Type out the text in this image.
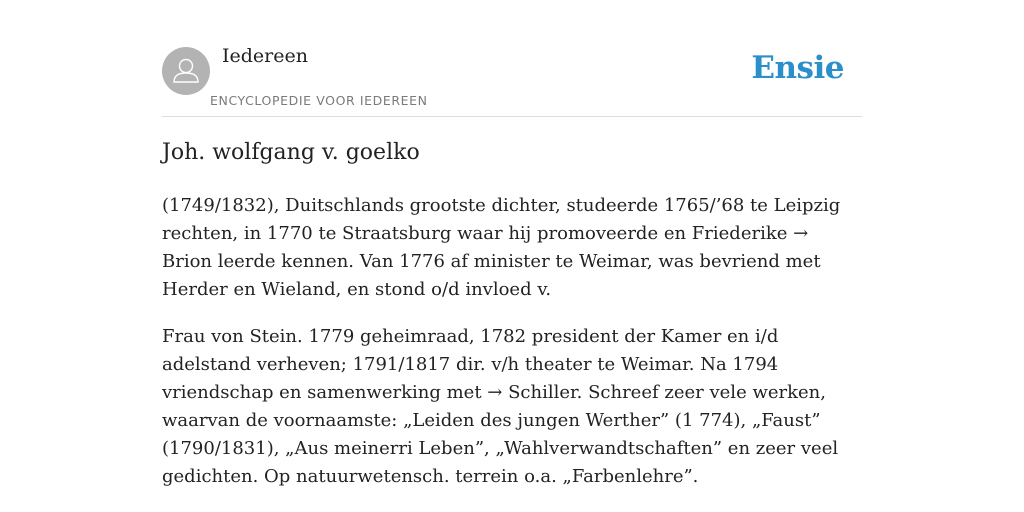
Iedereen
ENCYCLOPEDIE VOOR IEDEREEN
Ensie
Joh. wolfgang v. goelko

(1749/1832), Duitschlands grootste dichter, studeerde 1765/’68 te Leipzig rechten, in 1770 te Straatsburg waar hij promoveerde en Friederike → Brion leerde kennen. Van 1776 af minister te Weimar, was bevriend met Herder en Wieland, en stond o/d invloed v.

Frau von Stein. 1779 geheimraad, 1782 president der Kamer en i/d adelstand verheven; 1791/1817 dir. v/h theater te Weimar. Na 1794 vriendschap en samenwerking met → Schiller. Schreef zeer vele werken, waarvan de voornaamste: „Leiden des jungen Werther” (1 774), „Faust” (1790/1831), „Aus meinerri Leben”, „Wahlverwandtschaften” en zeer veel gedichten. Op natuurwetensch. terrein o.a. „Farbenlehre”.
